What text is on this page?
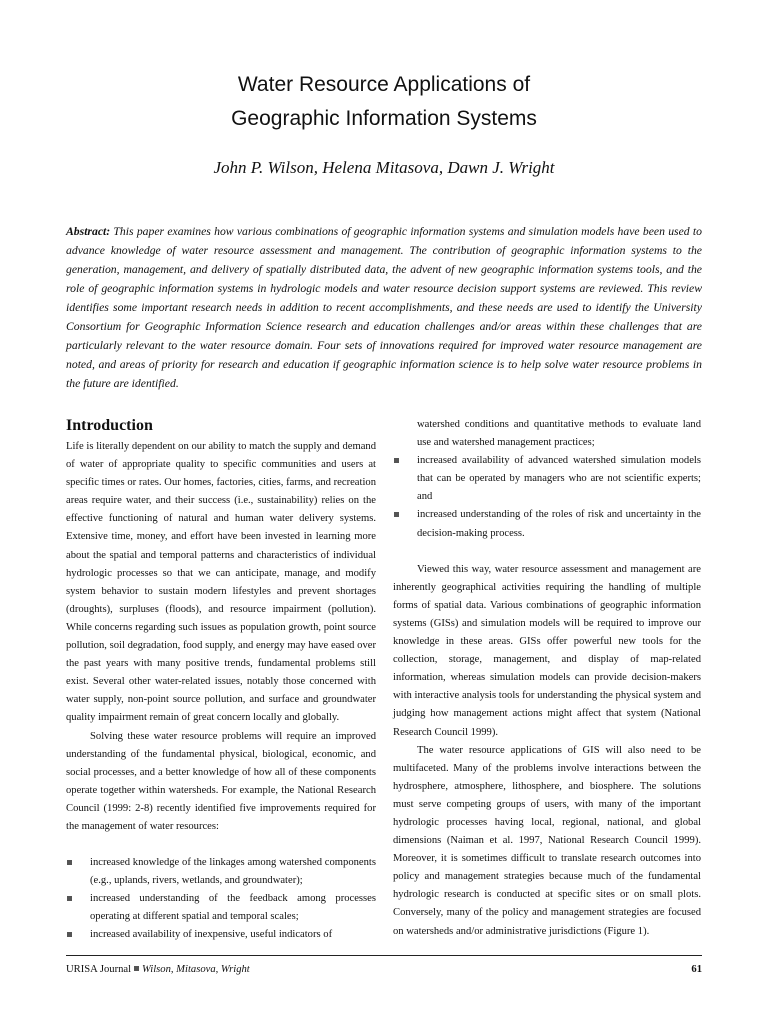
Water Resource Applications of
Geographic Information Systems
John P. Wilson, Helena Mitasova, Dawn J. Wright

Abstract: This paper examines how various combinations of geographic information systems and simulation models have been used to advance knowledge of water resource assessment and management. The contribution of geographic information systems to the generation, management, and delivery of spatially distributed data, the advent of new geographic information systems tools, and the role of geographic information systems in hydrologic models and water resource decision support systems are reviewed. This review identifies some important research needs in addition to recent accomplishments, and these needs are used to identify the University Consortium for Geographic Information Science research and education challenges and/or areas within these challenges that are particularly relevant to the water resource domain. Four sets of innovations required for improved water resource management are noted, and areas of priority for research and education if geographic information science is to help solve water resource problems in the future are identified.

Introduction

Life is literally dependent on our ability to match the supply and demand of water of appropriate quality to specific communities and users at specific times or rates. Our homes, factories, cities, farms, and recreation areas require water, and their success (i.e., sustainability) relies on the effective functioning of natural and human water delivery systems. Extensive time, money, and effort have been invested in learning more about the spatial and temporal patterns and characteristics of individual hydrologic processes so that we can anticipate, manage, and modify system behavior to sustain modern lifestyles and prevent shortages (droughts), surpluses (floods), and resource impairment (pollution). While concerns regarding such issues as population growth, point source pollution, soil degradation, food supply, and energy may have eased over the past years with many positive trends, fundamental problems still exist. Several other water-related issues, notably those concerned with water supply, non-point source pollution, and surface and groundwater quality impairment remain of great concern locally and globally.

Solving these water resource problems will require an improved understanding of the fundamental physical, biological, economic, and social processes, and a better knowledge of how all of these components operate together within watersheds. For example, the National Research Council (1999: 2-8) recently identified five improvements required for the management of water resources:

increased knowledge of the linkages among watershed components (e.g., uplands, rivers, wetlands, and groundwater);
increased understanding of the feedback among processes operating at different spatial and temporal scales;
increased availability of inexpensive, useful indicators of
watershed conditions and quantitative methods to evaluate land use and watershed management practices;
increased availability of advanced watershed simulation models that can be operated by managers who are not scientific experts; and
increased understanding of the roles of risk and uncertainty in the decision-making process.

Viewed this way, water resource assessment and management are inherently geographical activities requiring the handling of multiple forms of spatial data. Various combinations of geographic information systems (GISs) and simulation models will be required to improve our knowledge in these areas. GISs offer powerful new tools for the collection, storage, management, and display of map-related information, whereas simulation models can provide decision-makers with interactive analysis tools for understanding the physical system and judging how management actions might affect that system (National Research Council 1999).

The water resource applications of GIS will also need to be multifaceted. Many of the problems involve interactions between the hydrosphere, atmosphere, lithosphere, and biosphere. The solutions must serve competing groups of users, with many of the important hydrologic processes having local, regional, national, and global dimensions (Naiman et al. 1997, National Research Council 1999). Moreover, it is sometimes difficult to translate research outcomes into policy and management strategies because much of the fundamental hydrologic research is conducted at specific sites or on small plots. Conversely, many of the policy and management strategies are focused on watersheds and/or administrative jurisdictions (Figure 1).

URISA Journal Wilson, Mitasova, Wright	61
